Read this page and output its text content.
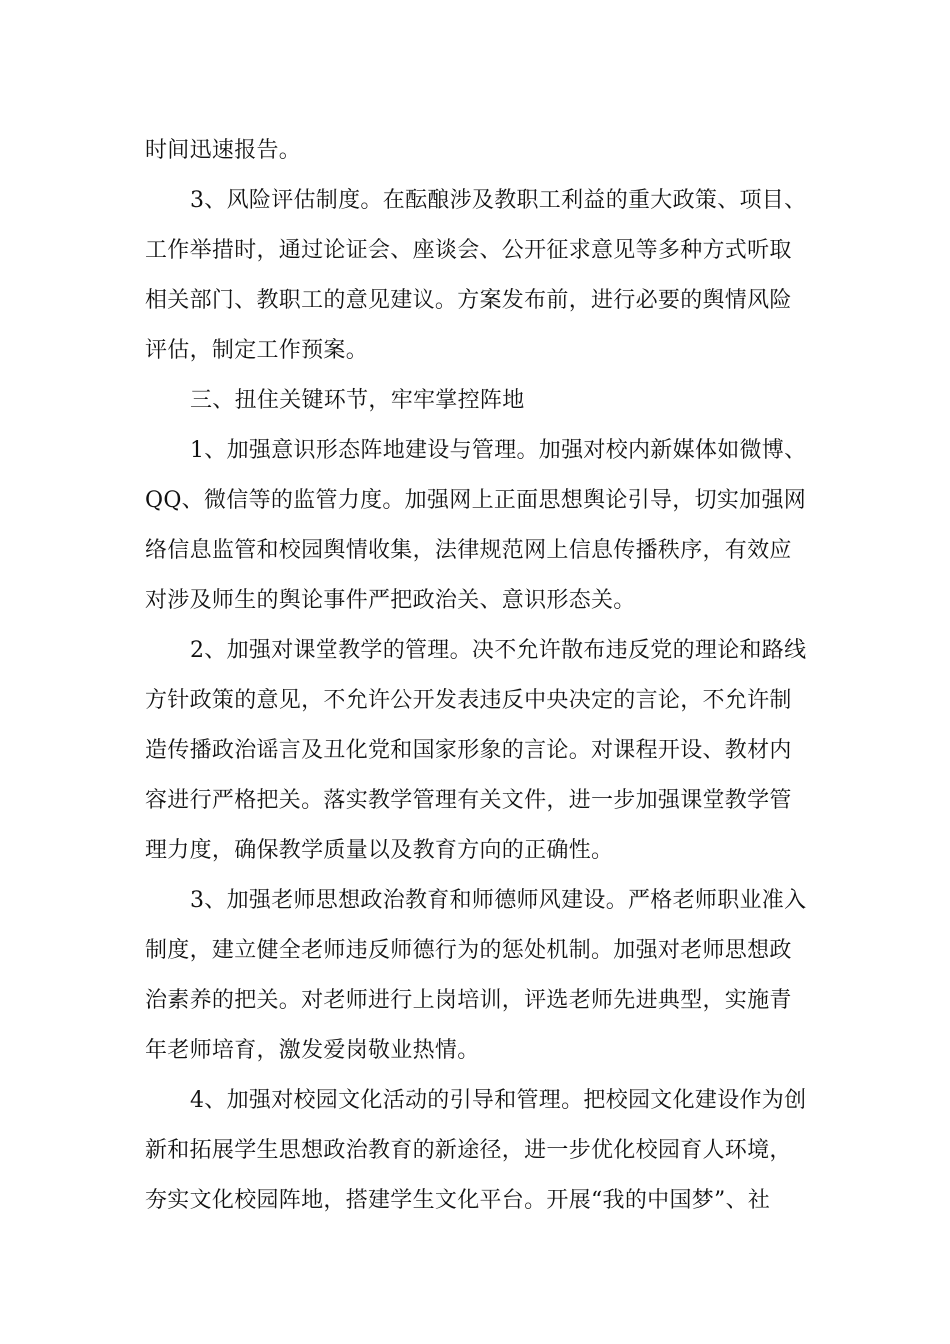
时间迅速报告。
3、风险评估制度。在酝酿涉及教职工利益的重大政策、项目、
工作举措时，通过论证会、座谈会、公开征求意见等多种方式听取
相关部门、教职工的意见建议。方案发布前，进行必要的舆情风险
评估，制定工作预案。
三、扭住关键环节，牢牢掌控阵地
1、加强意识形态阵地建设与管理。加强对校内新媒体如微博、
QQ、微信等的监管力度。加强网上正面思想舆论引导，切实加强网
络信息监管和校园舆情收集，法律规范网上信息传播秩序，有效应
对涉及师生的舆论事件严把政治关、意识形态关。
2、加强对课堂教学的管理。决不允许散布违反党的理论和路线
方针政策的意见，不允许公开发表违反中央决定的言论，不允许制
造传播政治谣言及丑化党和国家形象的言论。对课程开设、教材内
容进行严格把关。落实教学管理有关文件，进一步加强课堂教学管
理力度，确保教学质量以及教育方向的正确性。
3、加强老师思想政治教育和师德师风建设。严格老师职业准入
制度，建立健全老师违反师德行为的惩处机制。加强对老师思想政
治素养的把关。对老师进行上岗培训，评选老师先进典型，实施青
年老师培育，激发爱岗敬业热情。
4、加强对校园文化活动的引导和管理。把校园文化建设作为创
新和拓展学生思想政治教育的新途径，进一步优化校园育人环境，
夯实文化校园阵地，搭建学生文化平台。开展“我的中国梦”、社
